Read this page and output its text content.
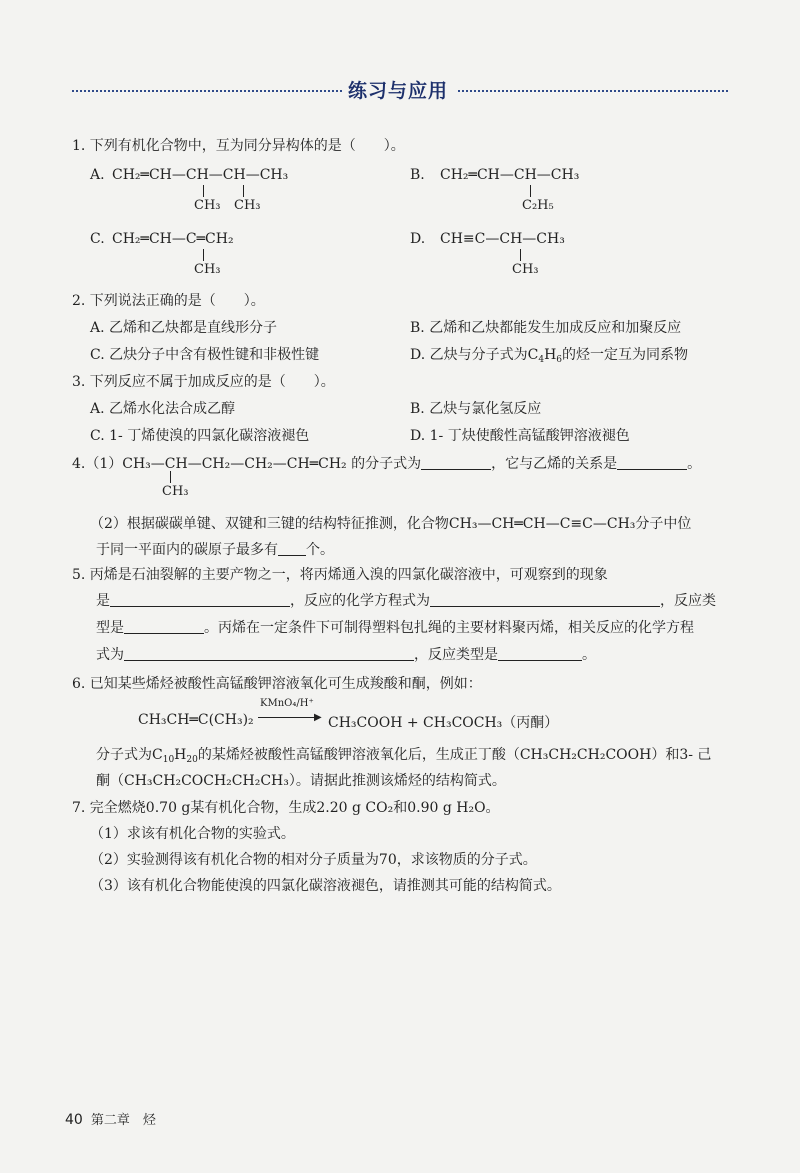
练习与应用
1. 下列有机化合物中，互为同分异构体的是（　　）。
A. CH₂═CH—CH—CH—CH₃
CH₃ CH₃
B. CH₂═CH—CH—CH₃
C₂H₅
C. CH₂═CH—C═CH₂
CH₃
D. CH≡C—CH—CH₃
CH₃
2. 下列说法正确的是（　　）。
A. 乙烯和乙炔都是直线形分子	B. 乙烯和乙炔都能发生加成反应和加聚反应
C. 乙炔分子中含有极性键和非极性键	D. 乙炔与分子式为$C_4H_6$的烃一定互为同系物
3. 下列反应不属于加成反应的是（　　）。
A. 乙烯水化法合成乙醇	B. 乙炔与氯化氢反应
C. 1- 丁烯使溴的四氯化碳溶液褪色	D. 1- 丁炔使酸性高锰酸钾溶液褪色
4.（1）CH₃—CH—CH₂—CH₂—CH═CH₂ 的分子式为	，它与乙烯的关系是	。
CH₃
（2）根据碳碳单键、双键和三键的结构特征推测，化合物CH₃—CH═CH—C≡C—CH₃分子中位
于同一平面内的碳原子最多有 个。
5. 丙烯是石油裂解的主要产物之一，将丙烯通入溴的四氯化碳溶液中，可观察到的现象
是	，反应的化学方程式为	，反应类
型是	。丙烯在一定条件下可制得塑料包扎绳的主要材料聚丙烯，相关反应的化学方程
式为	，反应类型是	。
6. 已知某些烯烃被酸性高锰酸钾溶液氧化可生成羧酸和酮，例如：
CH₃CH═C(CH₃)₂
KMnO₄/H⁺
▶ CH₃COOH + CH₃COCH₃（丙酮）
分子式为$C_{10}H_{20}$的某烯烃被酸性高锰酸钾溶液氧化后，生成正丁酸（CH₃CH₂CH₂COOH）和3- 己
酮（CH₃CH₂COCH₂CH₂CH₃）。请据此推测该烯烃的结构简式。
7. 完全燃烧0.70 g某有机化合物，生成2.20 g CO₂和0.90 g H₂O。
（1）求该有机化合物的实验式。
（2）实验测得该有机化合物的相对分子质量为70，求该物质的分子式。
（3）该有机化合物能使溴的四氯化碳溶液褪色，请推测其可能的结构简式。
40 第二章　烃
